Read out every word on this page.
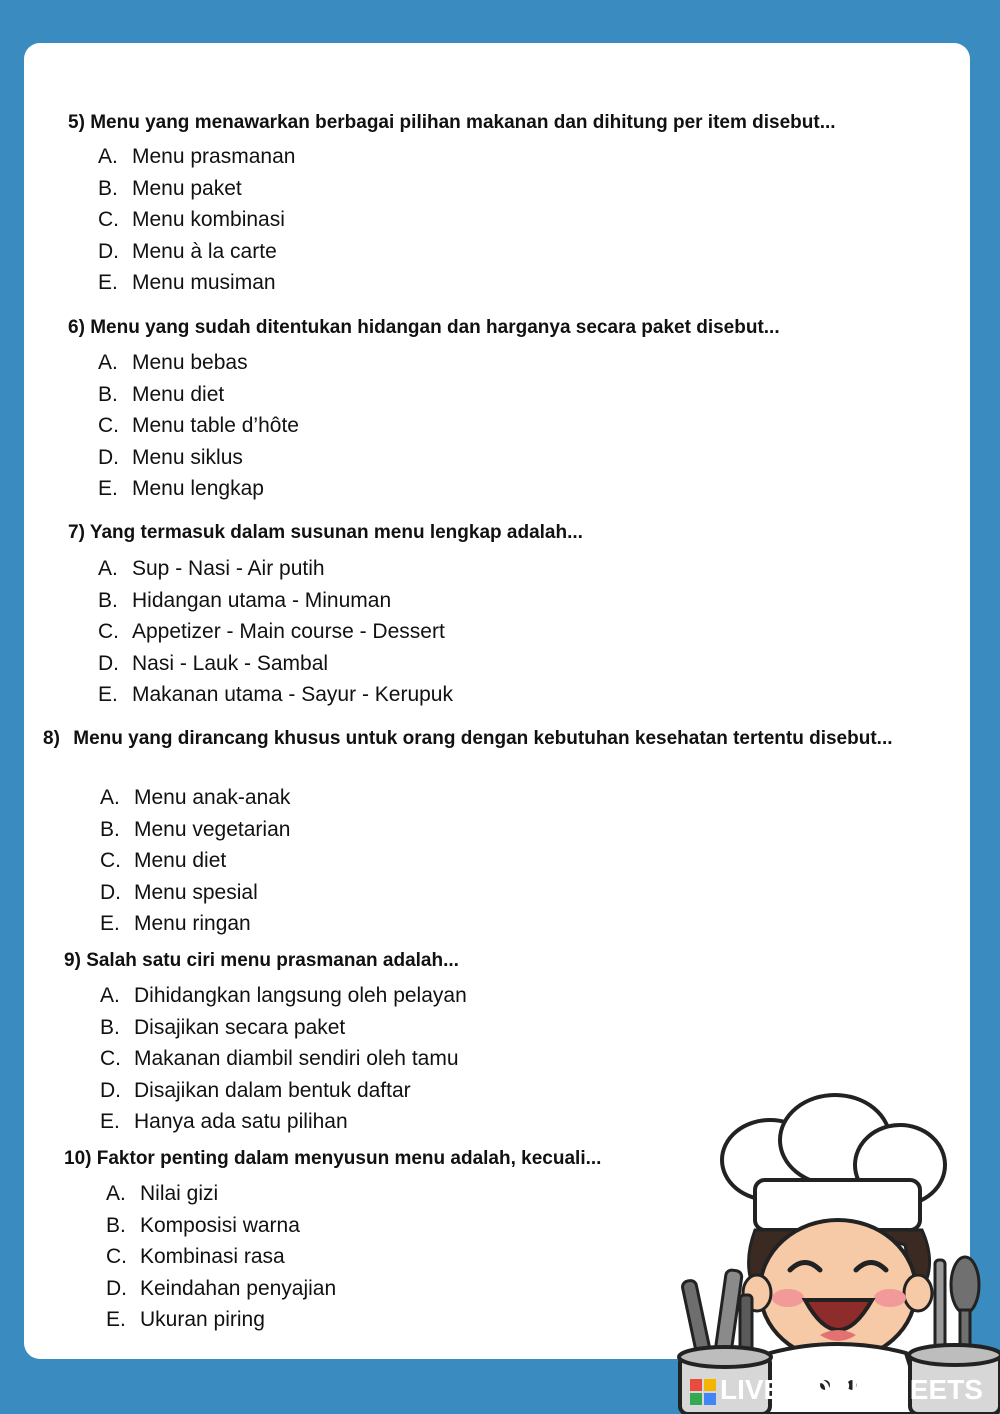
5) Menu yang menawarkan berbagai pilihan makanan dan dihitung per item disebut...
A. Menu prasmanan
B. Menu paket
C. Menu kombinasi
D. Menu à la carte
E. Menu musiman
6) Menu yang sudah ditentukan hidangan dan harganya secara paket disebut...
A. Menu bebas
B. Menu diet
C. Menu table d’hôte
D. Menu siklus
E. Menu lengkap
7) Yang termasuk dalam susunan menu lengkap adalah...
A. Sup - Nasi - Air putih
B. Hidangan utama - Minuman
C. Appetizer - Main course - Dessert
D. Nasi - Lauk - Sambal
E. Makanan utama - Sayur - Kerupuk
Menu yang dirancang khusus untuk orang dengan kebutuhan kesehatan tertentu disebut...
A. Menu anak-anak
B. Menu vegetarian
C. Menu diet
D. Menu spesial
E. Menu ringan
9) Salah satu ciri menu prasmanan adalah...
A. Dihidangkan langsung oleh pelayan
B. Disajikan secara paket
C. Makanan diambil sendiri oleh tamu
D. Disajikan dalam bentuk daftar
E. Hanya ada satu pilihan
10) Faktor penting dalam menyusun menu adalah, kecuali...
A. Nilai gizi
B. Komposisi warna
C. Kombinasi rasa
D. Keindahan penyajian
E. Ukuran piring
LIVEWORKSHEETS
